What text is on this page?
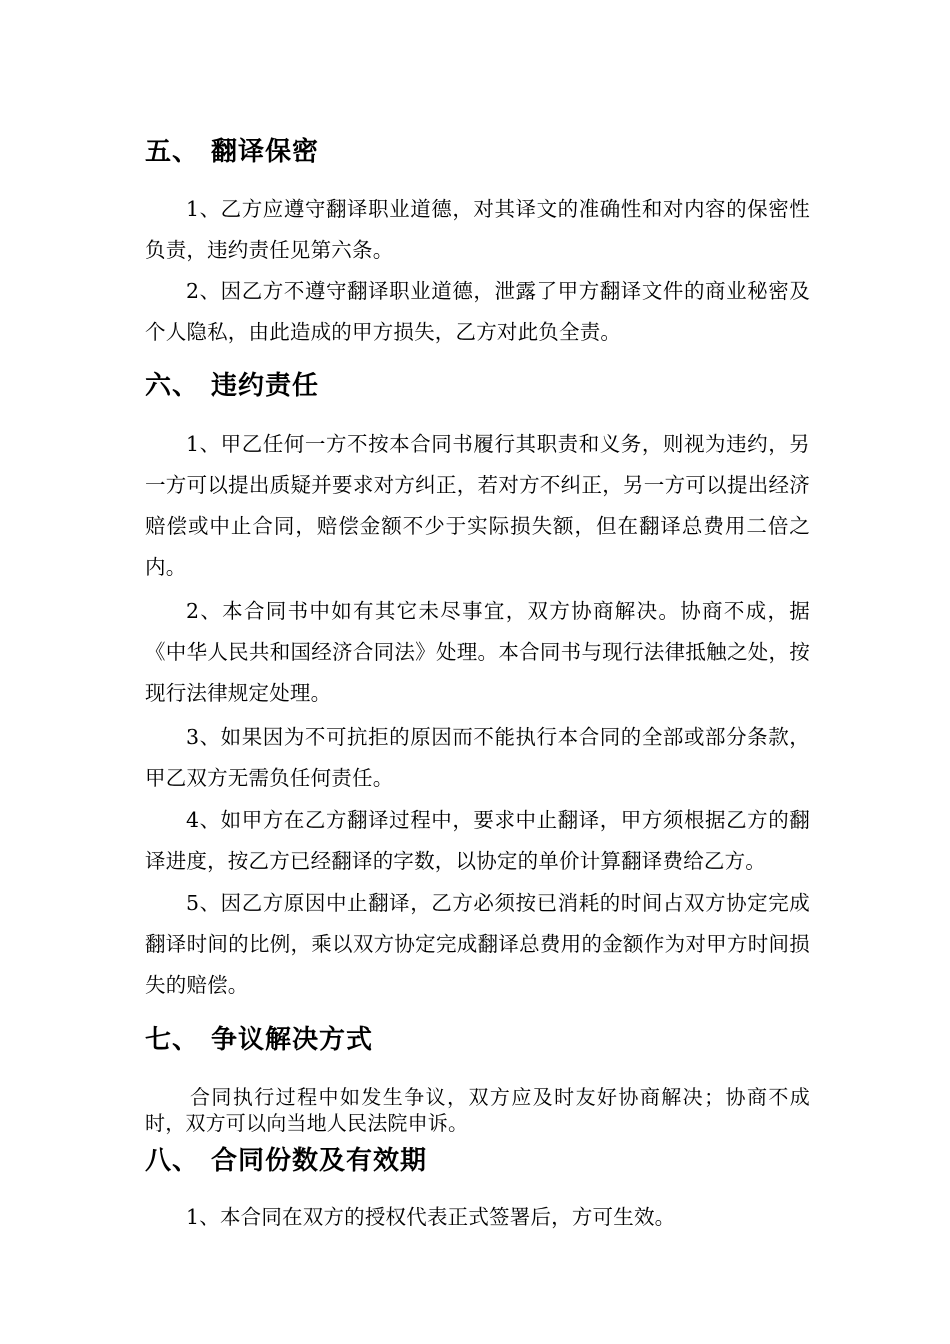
五、 翻译保密
1、乙方应遵守翻译职业道德，对其译文的准确性和对内容的保密性负责，违约责任见第六条。
2、因乙方不遵守翻译职业道德，泄露了甲方翻译文件的商业秘密及个人隐私，由此造成的甲方损失，乙方对此负全责。
六、 违约责任
1、甲乙任何一方不按本合同书履行其职责和义务，则视为违约，另一方可以提出质疑并要求对方纠正，若对方不纠正，另一方可以提出经济赔偿或中止合同，赔偿金额不少于实际损失额，但在翻译总费用二倍之内。
2、本合同书中如有其它未尽事宜，双方协商解决。协商不成，据《中华人民共和国经济合同法》处理。本合同书与现行法律抵触之处，按现行法律规定处理。
3、如果因为不可抗拒的原因而不能执行本合同的全部或部分条款，甲乙双方无需负任何责任。
4、如甲方在乙方翻译过程中，要求中止翻译，甲方须根据乙方的翻译进度，按乙方已经翻译的字数，以协定的单价计算翻译费给乙方。
5、因乙方原因中止翻译，乙方必须按已消耗的时间占双方协定完成翻译时间的比例，乘以双方协定完成翻译总费用的金额作为对甲方时间损失的赔偿。
七、 争议解决方式
合同执行过程中如发生争议，双方应及时友好协商解决；协商不成时，双方可以向当地人民法院申诉。
八、 合同份数及有效期
1、本合同在双方的授权代表正式签署后，方可生效。
